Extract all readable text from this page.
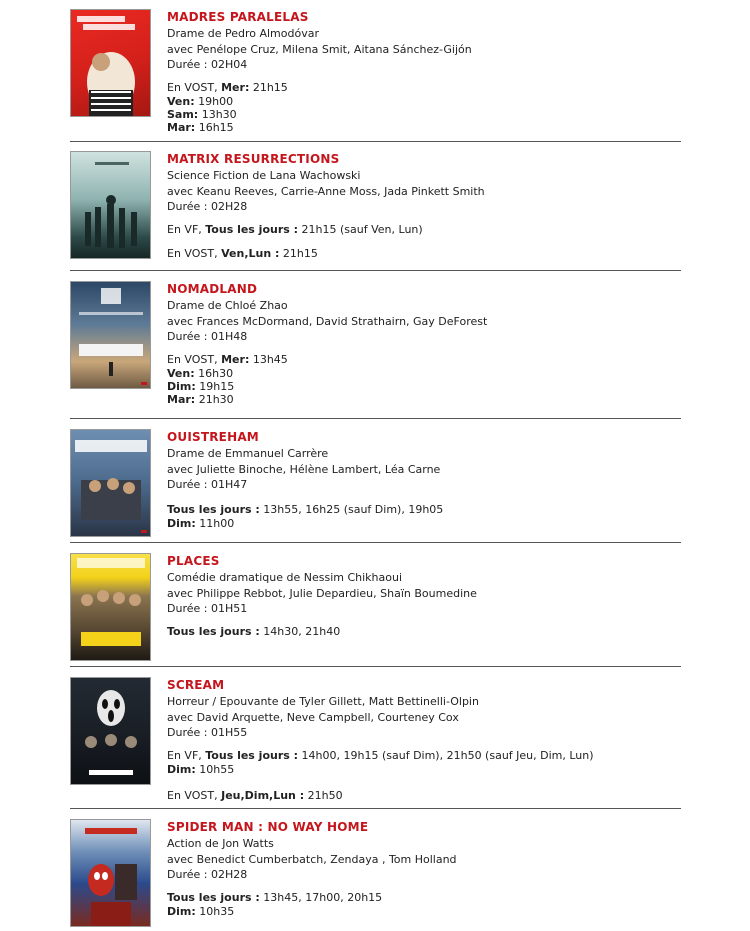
MADRES PARALELAS
Drame de Pedro Almodóvar
avec Penélope Cruz, Milena Smit, Aitana Sánchez-Gijón
Durée : 02H04
En VOST, Mer: 21h15
Ven: 19h00
Sam: 13h30
Mar: 16h15
MATRIX RESURRECTIONS
Science Fiction de Lana Wachowski
avec Keanu Reeves, Carrie-Anne Moss, Jada Pinkett Smith
Durée : 02H28
En VF, Tous les jours : 21h15 (sauf Ven, Lun)
En VOST, Ven,Lun : 21h15
NOMADLAND
Drame de Chloé Zhao
avec Frances McDormand, David Strathairn, Gay DeForest
Durée : 01H48
En VOST, Mer: 13h45
Ven: 16h30
Dim: 19h15
Mar: 21h30
OUISTREHAM
Drame de Emmanuel Carrère
avec Juliette Binoche, Hélène Lambert, Léa Carne
Durée : 01H47
Tous les jours : 13h55, 16h25 (sauf Dim), 19h05
Dim: 11h00
PLACES
Comédie dramatique de Nessim Chikhaoui
avec Philippe Rebbot, Julie Depardieu, Shaïn Boumedine
Durée : 01H51
Tous les jours : 14h30, 21h40
SCREAM
Horreur / Epouvante de Tyler Gillett, Matt Bettinelli-Olpin
avec David Arquette, Neve Campbell, Courteney Cox
Durée : 01H55
En VF, Tous les jours : 14h00, 19h15 (sauf Dim), 21h50 (sauf Jeu, Dim, Lun)
Dim: 10h55
En VOST, Jeu,Dim,Lun : 21h50
SPIDER MAN : NO WAY HOME
Action de Jon Watts
avec Benedict Cumberbatch, Zendaya , Tom Holland
Durée : 02H28
Tous les jours : 13h45, 17h00, 20h15
Dim: 10h35
